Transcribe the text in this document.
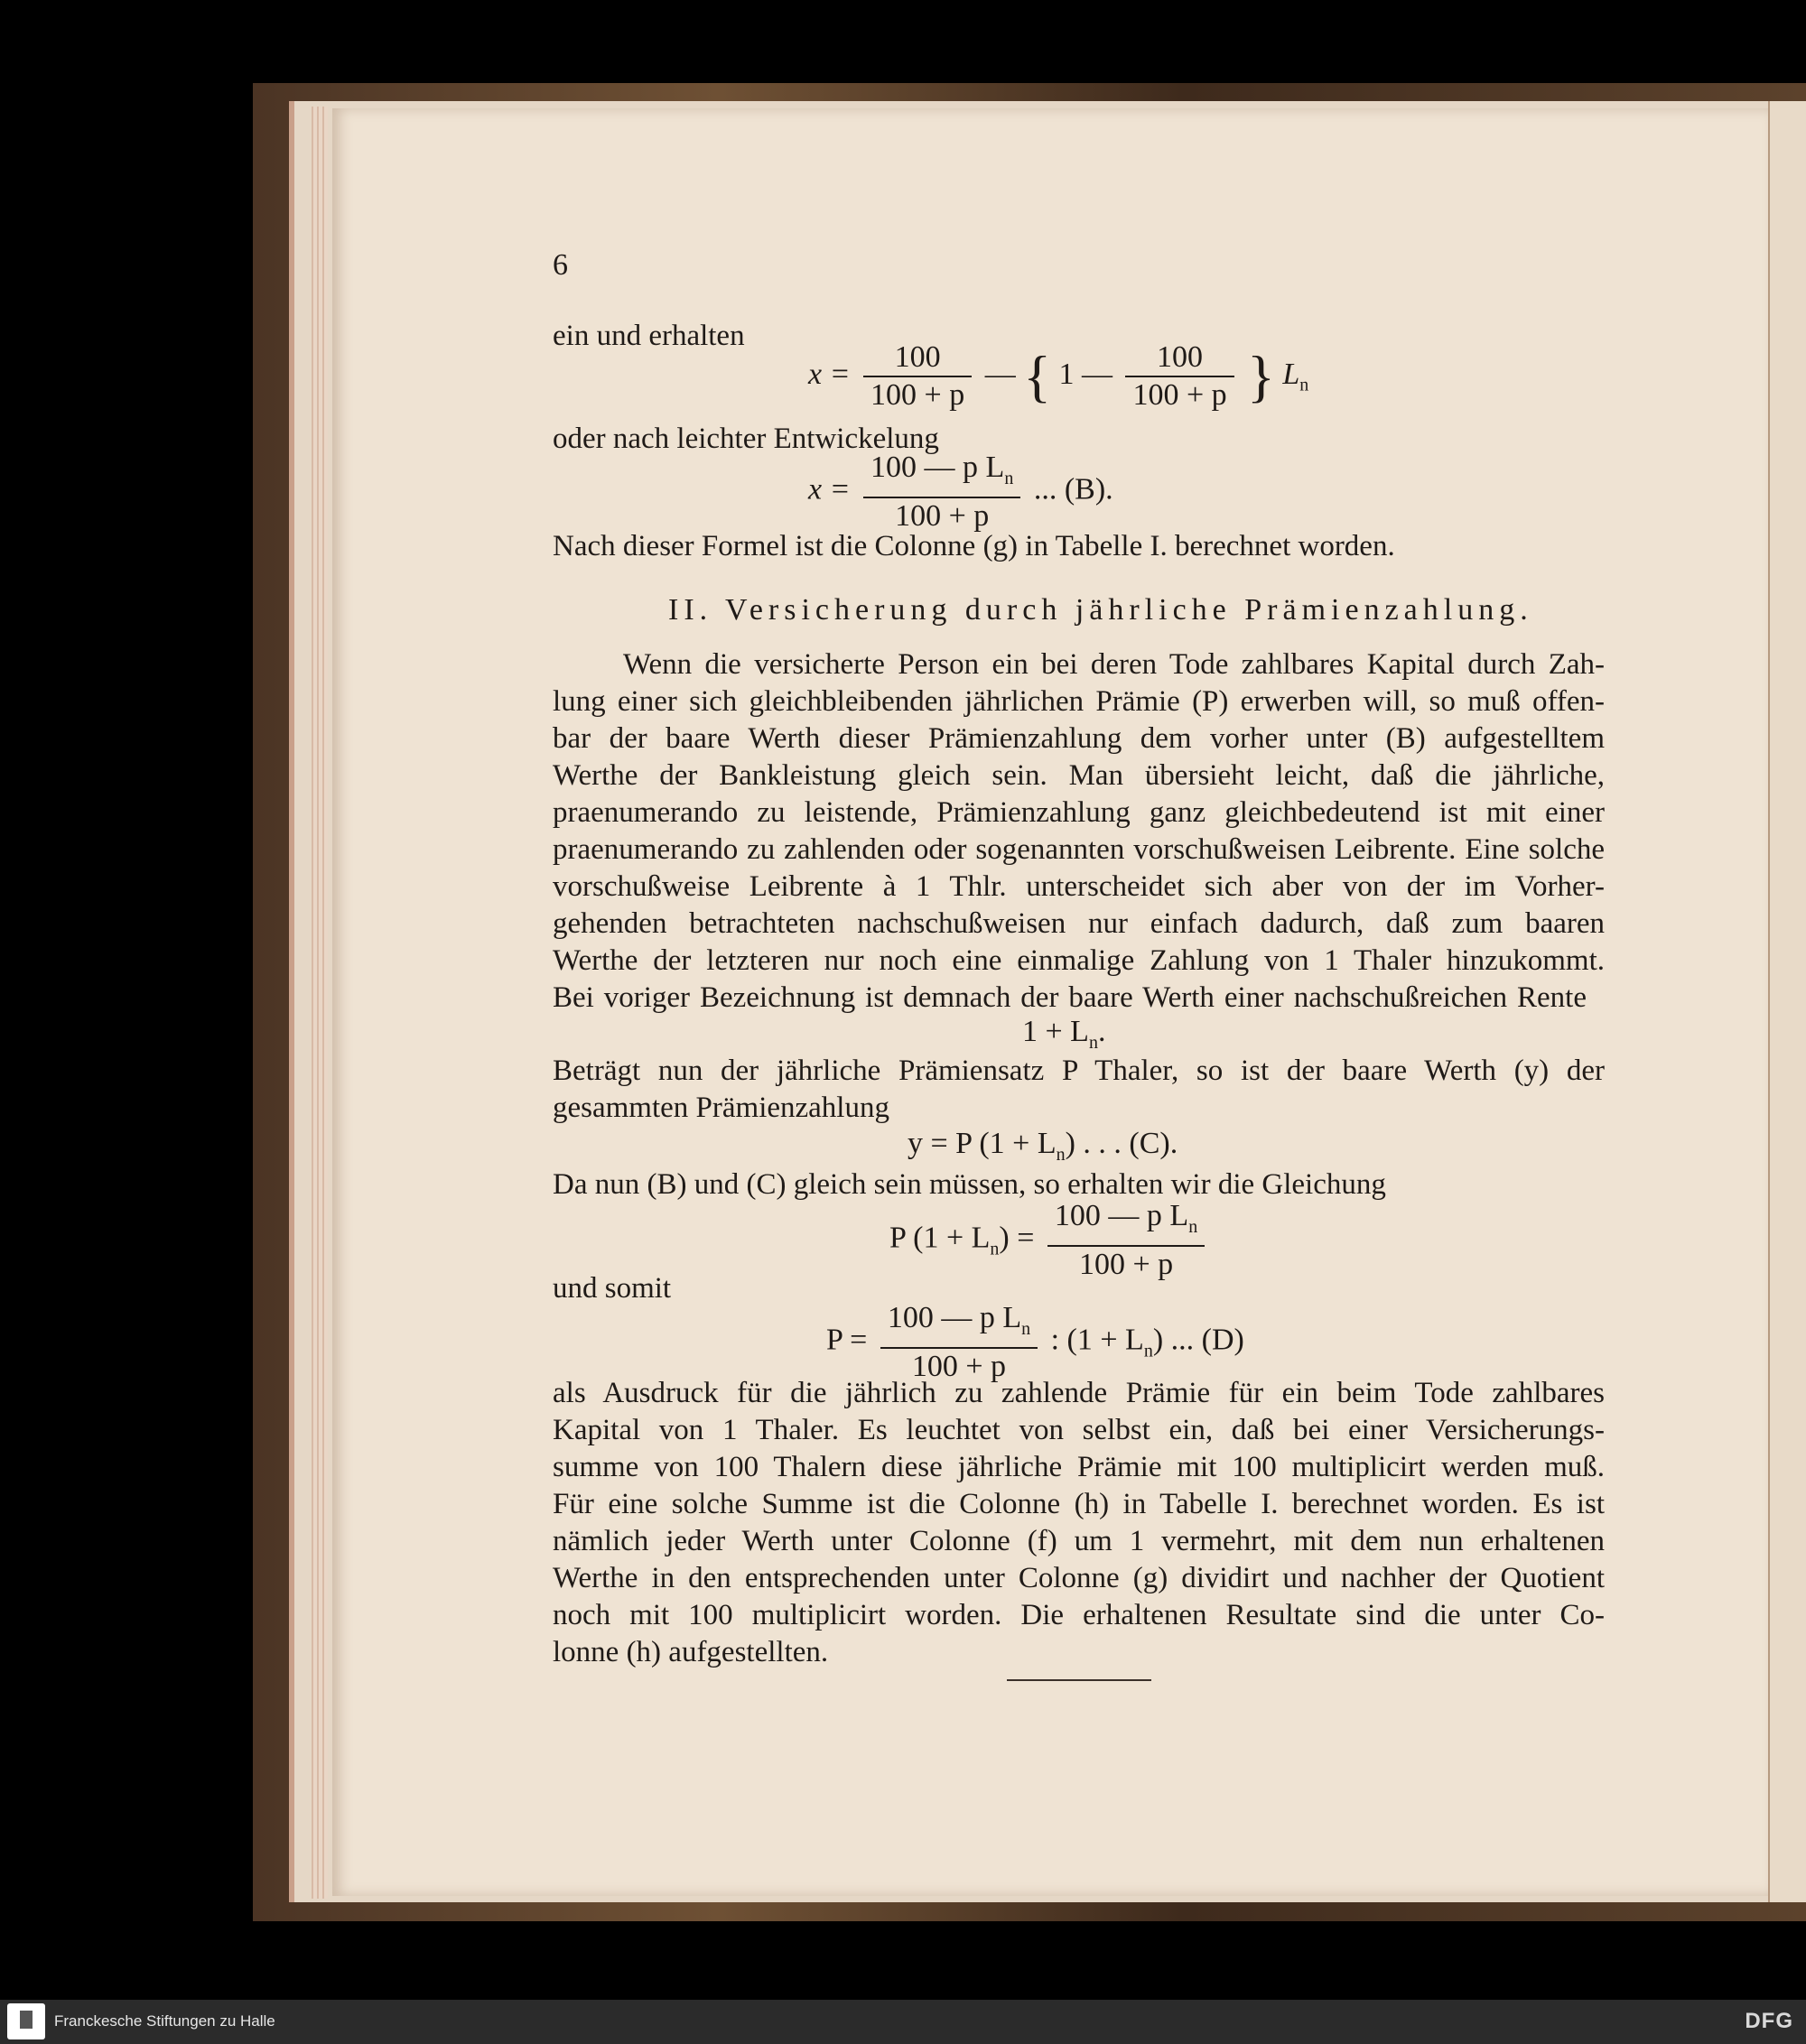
6
ein und erhalten
$x = \frac{100}{100 + p}$ — { 1 — $\frac{100}{100 + p}$ } $L_n$
oder nach leichter Entwickelung
$x = \frac{100 — p L_n}{100 + p}$ ... (B).
Nach dieser Formel ist die Colonne (g) in Tabelle I. berechnet worden.
II. Versicherung durch jährliche Prämienzahlung.
Wenn die versicherte Person ein bei deren Tode zahlbares Kapital durch Zah-
lung einer sich gleichbleibenden jährlichen Prämie (P) erwerben will, so muß offen-
bar der baare Werth dieser Prämienzahlung dem vorher unter (B) aufgestelltem
Werthe der Bankleistung gleich sein. Man übersieht leicht, daß die jährliche,
praenumerando zu leistende, Prämienzahlung ganz gleichbedeutend ist mit einer
praenumerando zu zahlenden oder sogenannten vorschußweisen Leibrente. Eine solche
vorschußweise Leibrente à 1 Thlr. unterscheidet sich aber von der im Vorher-
gehenden betrachteten nachschußweisen nur einfach dadurch, daß zum baaren
Werthe der letzteren nur noch eine einmalige Zahlung von 1 Thaler hinzukommt.
Bei voriger Bezeichnung ist demnach der baare Werth einer nachschußreichen Rente
$1 + L_n$.
Beträgt nun der jährliche Prämiensatz P Thaler, so ist der baare Werth (y) der
gesammten Prämienzahlung
y = P $(1 + L_n)$ . . . (C).
Da nun (B) und (C) gleich sein müssen, so erhalten wir die Gleichung
P $(1 + L_n) = \frac{100 — p L_n}{100 + p}$
und somit
$P = \frac{100 — p L_n}{100 + p}$ : $(1 + L_n)$ ... (D)
als Ausdruck für die jährlich zu zahlende Prämie für ein beim Tode zahlbares
Kapital von 1 Thaler. Es leuchtet von selbst ein, daß bei einer Versicherungs-
summe von 100 Thalern diese jährliche Prämie mit 100 multiplicirt werden muß.
Für eine solche Summe ist die Colonne (h) in Tabelle I. berechnet worden. Es ist
nämlich jeder Werth unter Colonne (f) um 1 vermehrt, mit dem nun erhaltenen
Werthe in den entsprechenden unter Colonne (g) dividirt und nachher der Quotient
noch mit 100 multiplicirt worden. Die erhaltenen Resultate sind die unter Co-
lonne (h) aufgestellten.
Franckesche Stiftungen zu Halle	DFG
